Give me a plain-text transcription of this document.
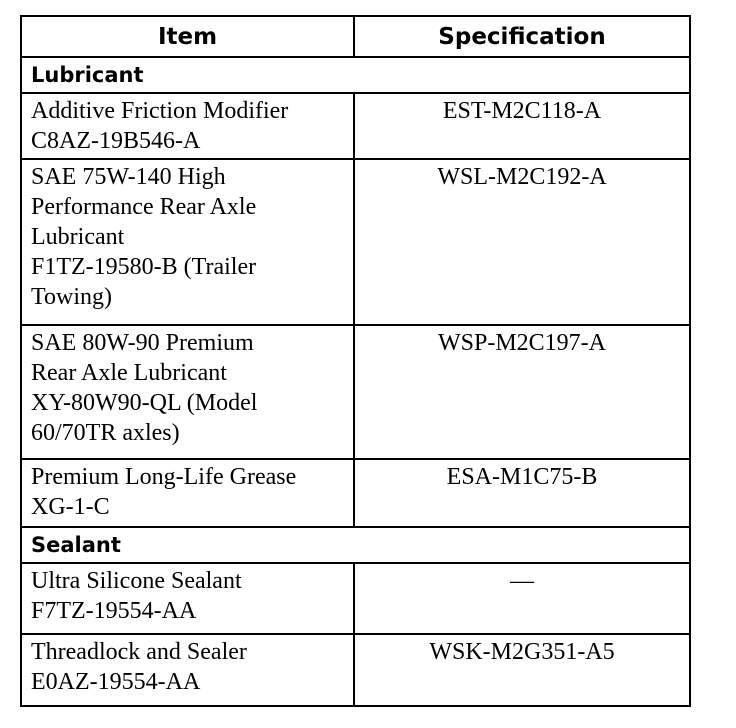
Item	Specification
Lubricant	

Additive Friction Modifier
C8AZ-19B546-A	EST-M2C118-A

SAE 75W-140 High
Performance Rear Axle
Lubricant
F1TZ-19580-B (Trailer
Towing)	WSL-M2C192-A

SAE 80W-90 Premium
Rear Axle Lubricant
XY-80W90-QL (Model
60/70TR axles)	WSP-M2C197-A

Premium Long-Life Grease
XG-1-C	ESA-M1C75-B
Sealant	

Ultra Silicone Sealant
F7TZ-19554-AA	—

Threadlock and Sealer
E0AZ-19554-AA	WSK-M2G351-A5
